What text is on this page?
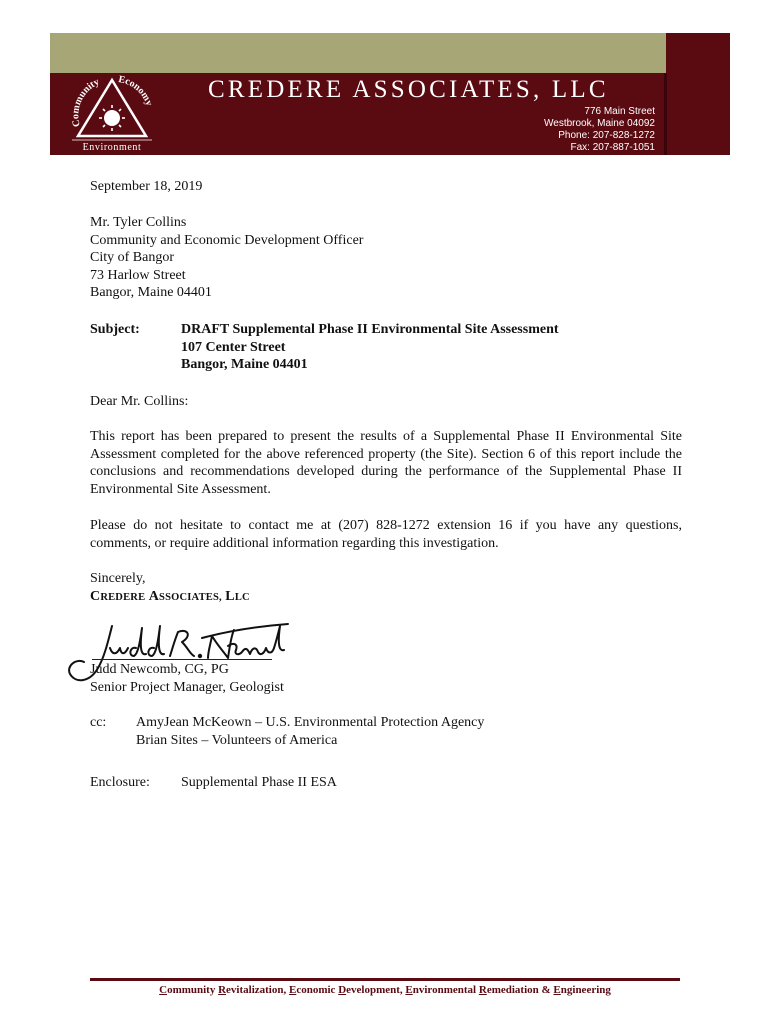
Community Economy
Environment
CREDERE ASSOCIATES, LLC
776 Main Street
Westbrook, Maine 04092
Phone: 207-828-1272
Fax: 207-887-1051
September 18, 2019
Mr. Tyler Collins
Community and Economic Development Officer
City of Bangor
73 Harlow Street
Bangor, Maine 04401
Subject:	DRAFT Supplemental Phase II Environmental Site Assessment
107 Center Street
Bangor, Maine 04401
Dear Mr. Collins:
This report has been prepared to present the results of a Supplemental Phase II Environmental Site Assessment completed for the above referenced property (the Site). Section 6 of this report include the conclusions and recommendations developed during the performance of the Supplemental Phase II Environmental Site Assessment.
Please do not hesitate to contact me at (207) 828-1272 extension 16 if you have any questions, comments, or require additional information regarding this investigation.
Sincerely,
CREDERE ASSOCIATES, LLC
Judd Newcomb, CG, PG
Senior Project Manager, Geologist
cc: AmyJean McKeown – U.S. Environmental Protection Agency
Brian Sites – Volunteers of America
Enclosure: Supplemental Phase II ESA
Community Revitalization, Economic Development, Environmental Remediation & Engineering
